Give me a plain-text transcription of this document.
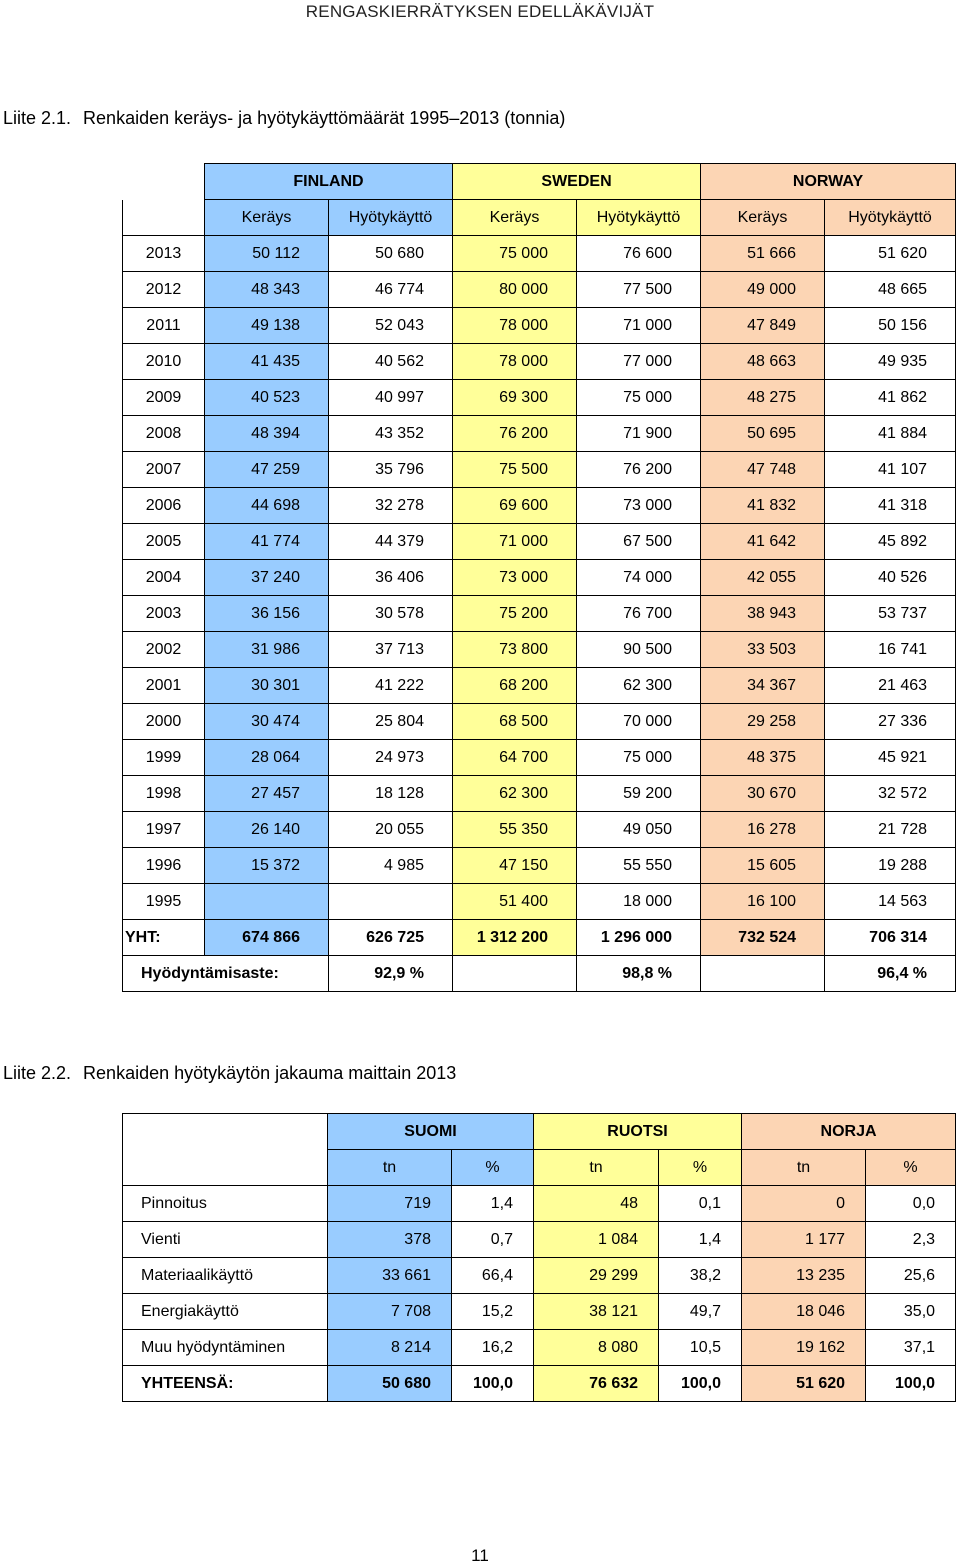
RENGASKIERRÄTYKSEN EDELLÄKÄVIJÄT
Liite 2.1. Renkaiden keräys- ja hyötykäyttömäärät 1995–2013 (tonnia)
	FINLAND		SWEDEN		NORWAY	
	Keräys	Hyötykäyttö	Keräys	Hyötykäyttö	Keräys	Hyötykäyttö
2013	50 112	50 680	75 000	76 600	51 666	51 620
2012	48 343	46 774	80 000	77 500	49 000	48 665
2011	49 138	52 043	78 000	71 000	47 849	50 156
2010	41 435	40 562	78 000	77 000	48 663	49 935
2009	40 523	40 997	69 300	75 000	48 275	41 862
2008	48 394	43 352	76 200	71 900	50 695	41 884
2007	47 259	35 796	75 500	76 200	47 748	41 107
2006	44 698	32 278	69 600	73 000	41 832	41 318
2005	41 774	44 379	71 000	67 500	41 642	45 892
2004	37 240	36 406	73 000	74 000	42 055	40 526
2003	36 156	30 578	75 200	76 700	38 943	53 737
2002	31 986	37 713	73 800	90 500	33 503	16 741
2001	30 301	41 222	68 200	62 300	34 367	21 463
2000	30 474	25 804	68 500	70 000	29 258	27 336
1999	28 064	24 973	64 700	75 000	48 375	45 921
1998	27 457	18 128	62 300	59 200	30 670	32 572
1997	26 140	20 055	55 350	49 050	16 278	21 728
1996	15 372	4 985	47 150	55 550	15 605	19 288
1995			51 400	18 000	16 100	14 563
YHT:	674 866	626 725	1 312 200	1 296 000	732 524	706 314
Hyödyntämisaste:		92,9 %		98,8 %		96,4 %
Liite 2.2. Renkaiden hyötykäytön jakauma maittain 2013
	SUOMI		RUOTSI		NORJA	
	tn	%	tn	%	tn	%
Pinnoitus	719	1,4	48	0,1	0	0,0
Vienti	378	0,7	1 084	1,4	1 177	2,3
Materiaalikäyttö	33 661	66,4	29 299	38,2	13 235	25,6
Energiakäyttö	7 708	15,2	38 121	49,7	18 046	35,0
Muu hyödyntäminen	8 214	16,2	8 080	10,5	19 162	37,1
YHTEENSÄ:	50 680	100,0	76 632	100,0	51 620	100,0
11
